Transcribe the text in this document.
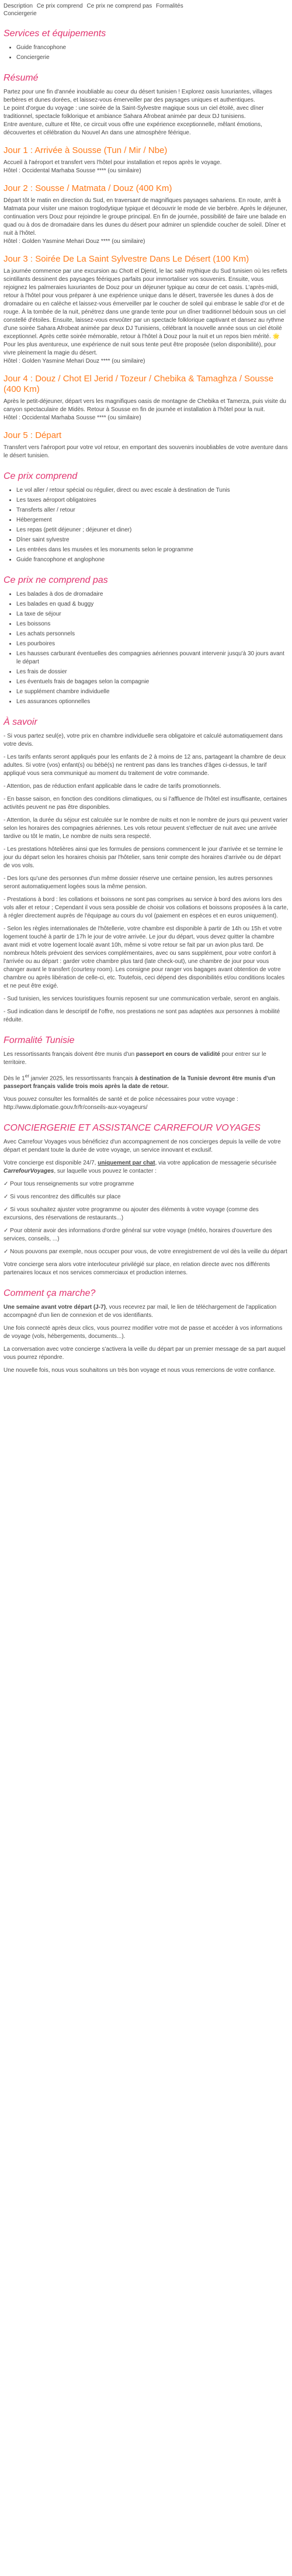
Description Ce prix comprend Ce prix ne comprend pas Formalités
Conciergerie
Services et équipements
• Guide francophone
• Conciergerie
Résumé

Partez pour une fin d'année inoubliable au coeur du désert tunisien ! Explorez oasis luxuriantes, villages berbères et dunes dorées, et laissez-vous émerveiller par des paysages uniques et authentiques.

Le point d'orgue du voyage : une soirée de la Saint-Sylvestre magique sous un ciel étoilé, avec dîner traditionnel, spectacle folklorique et ambiance Sahara Afrobeat animée par deux DJ tunisiens.

Entre aventure, culture et fête, ce circuit vous offre une expérience exceptionnelle, mêlant émotions, découvertes et célébration du Nouvel An dans une atmosphère féérique.

Jour 1 : Arrivée à Sousse (Tun / Mir / Nbe)

Accueil à l'aéroport et transfert vers l'hôtel pour installation et repos après le voyage.

Hôtel : Occidental Marhaba Sousse **** (ou similaire)

Jour 2 : Sousse / Matmata / Douz (400 Km)

Départ tôt le matin en direction du Sud, en traversant de magnifiques paysages sahariens. En route, arrêt à Matmata pour visiter une maison troglodytique typique et découvrir le mode de vie berbère. Après le déjeuner, continuation vers Douz pour rejoindre le groupe principal. En fin de journée, possibilité de faire une balade en quad ou à dos de dromadaire dans les dunes du désert pour admirer un splendide coucher de soleil. Dîner et nuit à l'hôtel.

Hôtel : Golden Yasmine Mehari Douz **** (ou similaire)

Jour 3 : Soirée De La Saint Sylvestre Dans Le Désert (100 Km)

La journée commence par une excursion au Chott el Djerid, le lac salé mythique du Sud tunisien où les reflets scintillants dessinent des paysages féériques parfaits pour immortaliser vos souvenirs. Ensuite, vous rejoignez les palmeraies luxuriantes de Douz pour un déjeuner typique au cœur de cet oasis. L'après-midi, retour à l'hôtel pour vous préparer à une expérience unique dans le désert, traversée les dunes à dos de dromadaire ou en calèche et laissez-vous émerveiller par le coucher de soleil qui embrase le sable d'or et de rouge. À la tombée de la nuit, pénétrez dans une grande tente pour un dîner traditionnel bédouin sous un ciel constellé d'étoiles. Ensuite, laissez-vous envoûter par un spectacle folklorique captivant et dansez au rythme d'une soirée Sahara Afrobeat animée par deux DJ Tunisiens, célébrant la nouvelle année sous un ciel étoilé exceptionnel. Après cette soirée mémorable, retour à l'hôtel à Douz pour la nuit et un repos bien mérité. 🌟 Pour les plus aventureux, une expérience de nuit sous tente peut être proposée (selon disponibilité), pour vivre pleinement la magie du désert.

Hôtel : Golden Yasmine Mehari Douz **** (ou similaire)

Jour 4 : Douz / Chot El Jerid / Tozeur / Chebika & Tamaghza / Sousse (400 Km)

Après le petit-déjeuner, départ vers les magnifiques oasis de montagne de Chebika et Tamerza, puis visite du canyon spectaculaire de Midès. Retour à Sousse en fin de journée et installation à l'hôtel pour la nuit.

Hôtel : Occidental Marhaba Sousse **** (ou similaire)

Jour 5 : Départ

Transfert vers l'aéroport pour votre vol retour, en emportant des souvenirs inoubliables de votre aventure dans le désert tunisien.

Ce prix comprend
• Le vol aller / retour spécial ou régulier, direct ou avec escale à destination de Tunis
• Les taxes aéroport obligatoires
• Transferts aller / retour
• Hébergement
• Les repas (petit déjeuner ; déjeuner et diner)
• Dîner saint sylvestre
• Les entrées dans les musées et les monuments selon le programme
• Guide francophone et anglophone
Ce prix ne comprend pas
• Les balades à dos de dromadaire
• Les balades en quad & buggy
• La taxe de séjour
• Les boissons
• Les achats personnels
• Les pourboires
• Les hausses carburant éventuelles des compagnies aériennes pouvant intervenir jusqu'à 30 jours avant le départ
• Les frais de dossier
• Les éventuels frais de bagages selon la compagnie
• Le supplément chambre individuelle
• Les assurances optionnelles
À savoir

- Si vous partez seul(e), votre prix en chambre individuelle sera obligatoire et calculé automatiquement dans votre devis.

- Les tarifs enfants seront appliqués pour les enfants de 2 à moins de 12 ans, partageant la chambre de deux adultes. Si votre (vos) enfant(s) ou bébé(s) ne rentrent pas dans les tranches d'âges ci-dessus, le tarif appliqué vous sera communiqué au moment du traitement de votre commande.

- Attention, pas de réduction enfant applicable dans le cadre de tarifs promotionnels.

- En basse saison, en fonction des conditions climatiques, ou si l'affluence de l'hôtel est insuffisante, certaines activités peuvent ne pas être disponibles.

- Attention, la durée du séjour est calculée sur le nombre de nuits et non le nombre de jours qui peuvent varier selon les horaires des compagnies aériennes. Les vols retour peuvent s'effectuer de nuit avec une arrivée tardive ou tôt le matin, Le nombre de nuits sera respecté.

- Les prestations hôtelières ainsi que les formules de pensions commencent le jour d'arrivée et se termine le jour du départ selon les horaires choisis par l'hôtelier, sans tenir compte des horaires d'arrivée ou de départ de vos vols.

- Des lors qu'une des personnes d'un même dossier réserve une certaine pension, les autres personnes seront automatiquement logées sous la même pension.

- Prestations à bord : les collations et boissons ne sont pas comprises au service à bord des avions lors des vols aller et retour ; Cependant il vous sera possible de choisir vos collations et boissons proposées à la carte, à régler directement auprès de l'équipage au cours du vol (paiement en espèces et en euros uniquement).

- Selon les règles internationales de l'hôtellerie, votre chambre est disponible à partir de 14h ou 15h et votre logement touché à partir de 17h le jour de votre arrivée. Le jour du départ, vous devez quitter la chambre avant midi et votre logement localé avant 10h, même si votre retour se fait par un avion plus tard. De nombreux hôtels prévoient des services complémentaires, avec ou sans supplément, pour votre confort à l'arrivée ou au départ : garder votre chambre plus tard (late check-out), une chambre de jour pour vous changer avant le transfert (courtesy room). Les consigne pour ranger vos bagages avant obtention de votre chambre ou après libération de celle-ci, etc. Toutefois, ceci dépend des disponibilités et/ou conditions locales et ne peut être exigé.

- Sud tunisien, les services touristiques fournis reposent sur une communication verbale, seront en anglais.

- Sud indication dans le descriptif de l'offre, nos prestations ne sont pas adaptées aux personnes à mobilité réduite.

Formalité Tunisie

Les ressortissants français doivent être munis d'un passeport en cours de validité pour entrer sur le territoire.

Dès le 1er janvier 2025, les ressortissants français à destination de la Tunisie devront être munis d'un passeport français valide trois mois après la date de retour.

Vous pouvez consulter les formalités de santé et de police nécessaires pour votre voyage : http://www.diplomatie.gouv.fr/fr/conseils-aux-voyageurs/

CONCIERGERIE ET ASSISTANCE CARREFOUR VOYAGES

Avec Carrefour Voyages vous bénéficiez d'un accompagnement de nos concierges depuis la veille de votre départ et pendant toute la durée de votre voyage, un service innovant et exclusif.

Votre concierge est disponible 24/7, uniquement par chat, via votre application de messagerie sécurisée CarrefourVoyages, sur laquelle vous pouvez le contacter :

✓ Pour tous renseignements sur votre programme

✓ Si vous rencontrez des difficultés sur place

✓ Si vous souhaitez ajuster votre programme ou ajouter des éléments à votre voyage (comme des excursions, des réservations de restaurants...)

✓ Pour obtenir avoir des informations d'ordre général sur votre voyage (météo, horaires d'ouverture des services, conseils, ...)

✓ Nous pouvons par exemple, nous occuper pour vous, de votre enregistrement de vol dès la veille du départ

Votre concierge sera alors votre interlocuteur privilégié sur place, en relation directe avec nos différents partenaires locaux et nos services commerciaux et production internes.

Comment ça marche?

Une semaine avant votre départ (J-7), vous recevrez par mail, le lien de téléchargement de l'application accompagné d'un lien de connexion et de vos identifiants.

Une fois connecté après deux clics, vous pourrez modifier votre mot de passe et accéder à vos informations de voyage (vols, hébergements, documents...).

La conversation avec votre concierge s'activera la veille du départ par un premier message de sa part auquel vous pourrez répondre.

Une nouvelle fois, nous vous souhaitons un très bon voyage et nous vous remercions de votre confiance.
